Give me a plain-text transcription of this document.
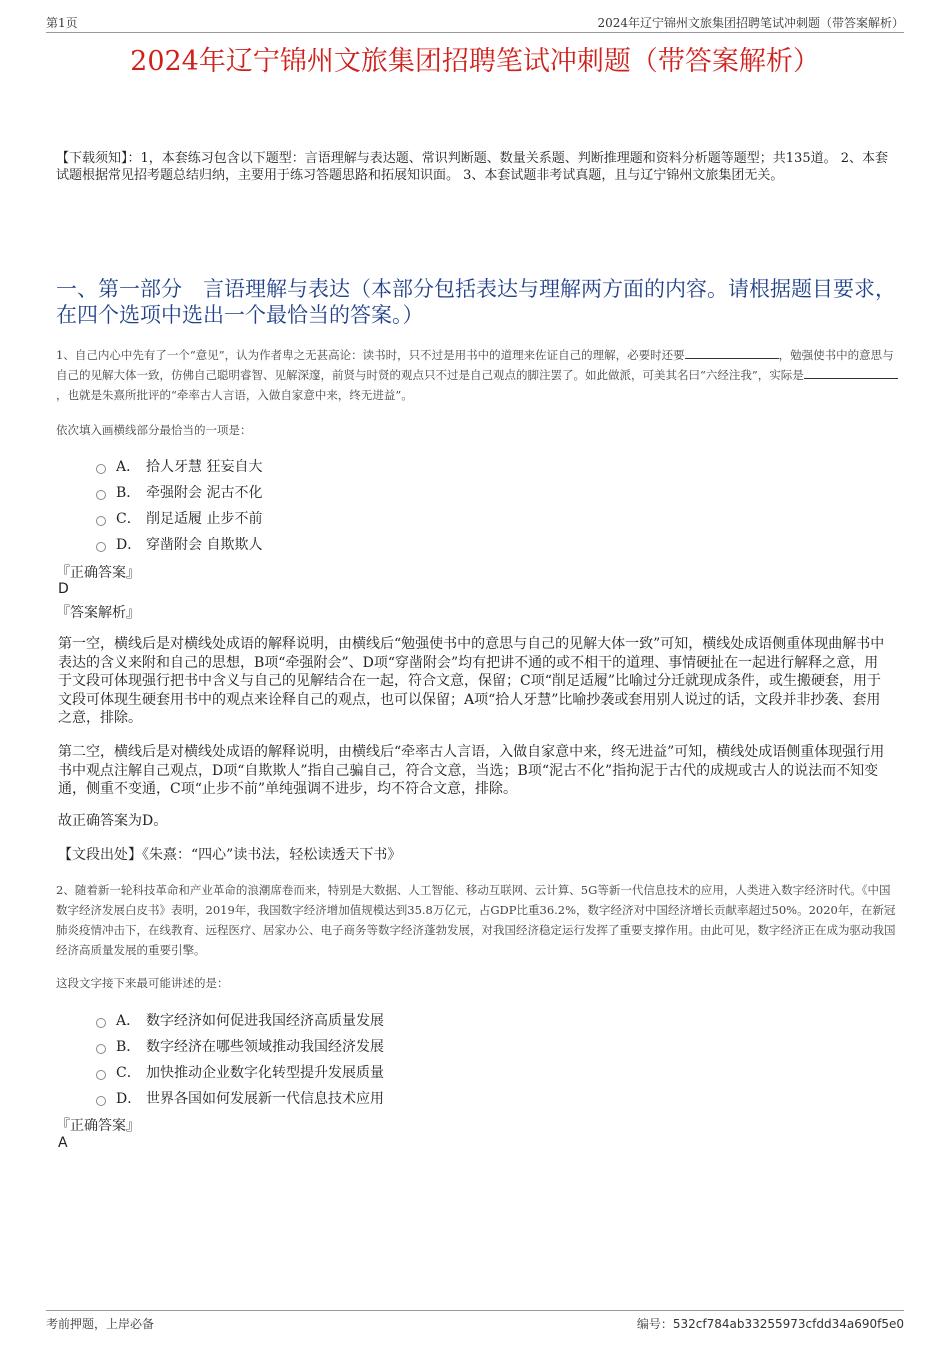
第1页	2024年辽宁锦州文旅集团招聘笔试冲刺题（带答案解析）
2024年辽宁锦州文旅集团招聘笔试冲刺题（带答案解析）
【下载须知】：1，本套练习包含以下题型：言语理解与表达题、常识判断题、数量关系题、判断推理题和资料分析题等题型；共135道。 2、本套试题根据常见招考题总结归纳，主要用于练习答题思路和拓展知识面。 3、本套试题非考试真题，且与辽宁锦州文旅集团无关。
一、第一部分　言语理解与表达（本部分包括表达与理解两方面的内容。请根据题目要求，在四个选项中选出一个最恰当的答案。）
1、自己内心中先有了一个“意见”，认为作者卑之无甚高论：读书时，只不过是用书中的道理来佐证自己的理解，必要时还要	，勉强使书中的意思与自己的见解大体一致，仿佛自己聪明睿智、见解深邃，前贤与时贤的观点只不过是自己观点的脚注罢了。如此做派，可美其名曰“六经注我”，实际是，也就是朱熹所批评的“牵率古人言语，入做自家意中来，终无进益”。
依次填入画横线部分最恰当的一项是：
A． 拾人牙慧 狂妄自大
B． 牵强附会 泥古不化
C． 削足适履 止步不前
D． 穿凿附会 自欺欺人
『正确答案』
D
『答案解析』
第一空，横线后是对横线处成语的解释说明，由横线后“勉强使书中的意思与自己的见解大体一致”可知，横线处成语侧重体现曲解书中表达的含义来附和自己的思想，B项“牵强附会”、D项“穿凿附会”均有把讲不通的或不相干的道理、事情硬扯在一起进行解释之意，用于文段可体现强行把书中含义与自己的见解结合在一起，符合文意，保留；C项“削足适履”比喻过分迁就现成条件，或生搬硬套，用于文段可体现生硬套用书中的观点来诠释自己的观点，也可以保留；A项“拾人牙慧”比喻抄袭或套用别人说过的话，文段并非抄袭、套用之意，排除。
第二空，横线后是对横线处成语的解释说明，由横线后“牵率古人言语，入做自家意中来，终无进益”可知，横线处成语侧重体现强行用书中观点注解自己观点，D项“自欺欺人”指自己骗自己，符合文意，当选；B项“泥古不化”指拘泥于古代的成规或古人的说法而不知变通，侧重不变通，C项“止步不前”单纯强调不进步，均不符合文意，排除。
故正确答案为D。
【文段出处】《朱熹：“四心”读书法，轻松读透天下书》
2、随着新一轮科技革命和产业革命的浪潮席卷而来，特别是大数据、人工智能、移动互联网、云计算、5G等新一代信息技术的应用，人类进入数字经济时代。《中国数字经济发展白皮书》表明，2019年，我国数字经济增加值规模达到35.8万亿元，占GDP比重36.2%，数字经济对中国经济增长贡献率超过50%。2020年，在新冠肺炎疫情冲击下，在线教育、远程医疗、居家办公、电子商务等数字经济蓬勃发展，对我国经济稳定运行发挥了重要支撑作用。由此可见，数字经济正在成为驱动我国经济高质量发展的重要引擎。
这段文字接下来最可能讲述的是：
A． 数字经济如何促进我国经济高质量发展
B． 数字经济在哪些领域推动我国经济发展
C． 加快推动企业数字化转型提升发展质量
D． 世界各国如何发展新一代信息技术应用
『正确答案』
A
考前押题，上岸必备	编号：532cf784ab33255973cfdd34a690f5e0
